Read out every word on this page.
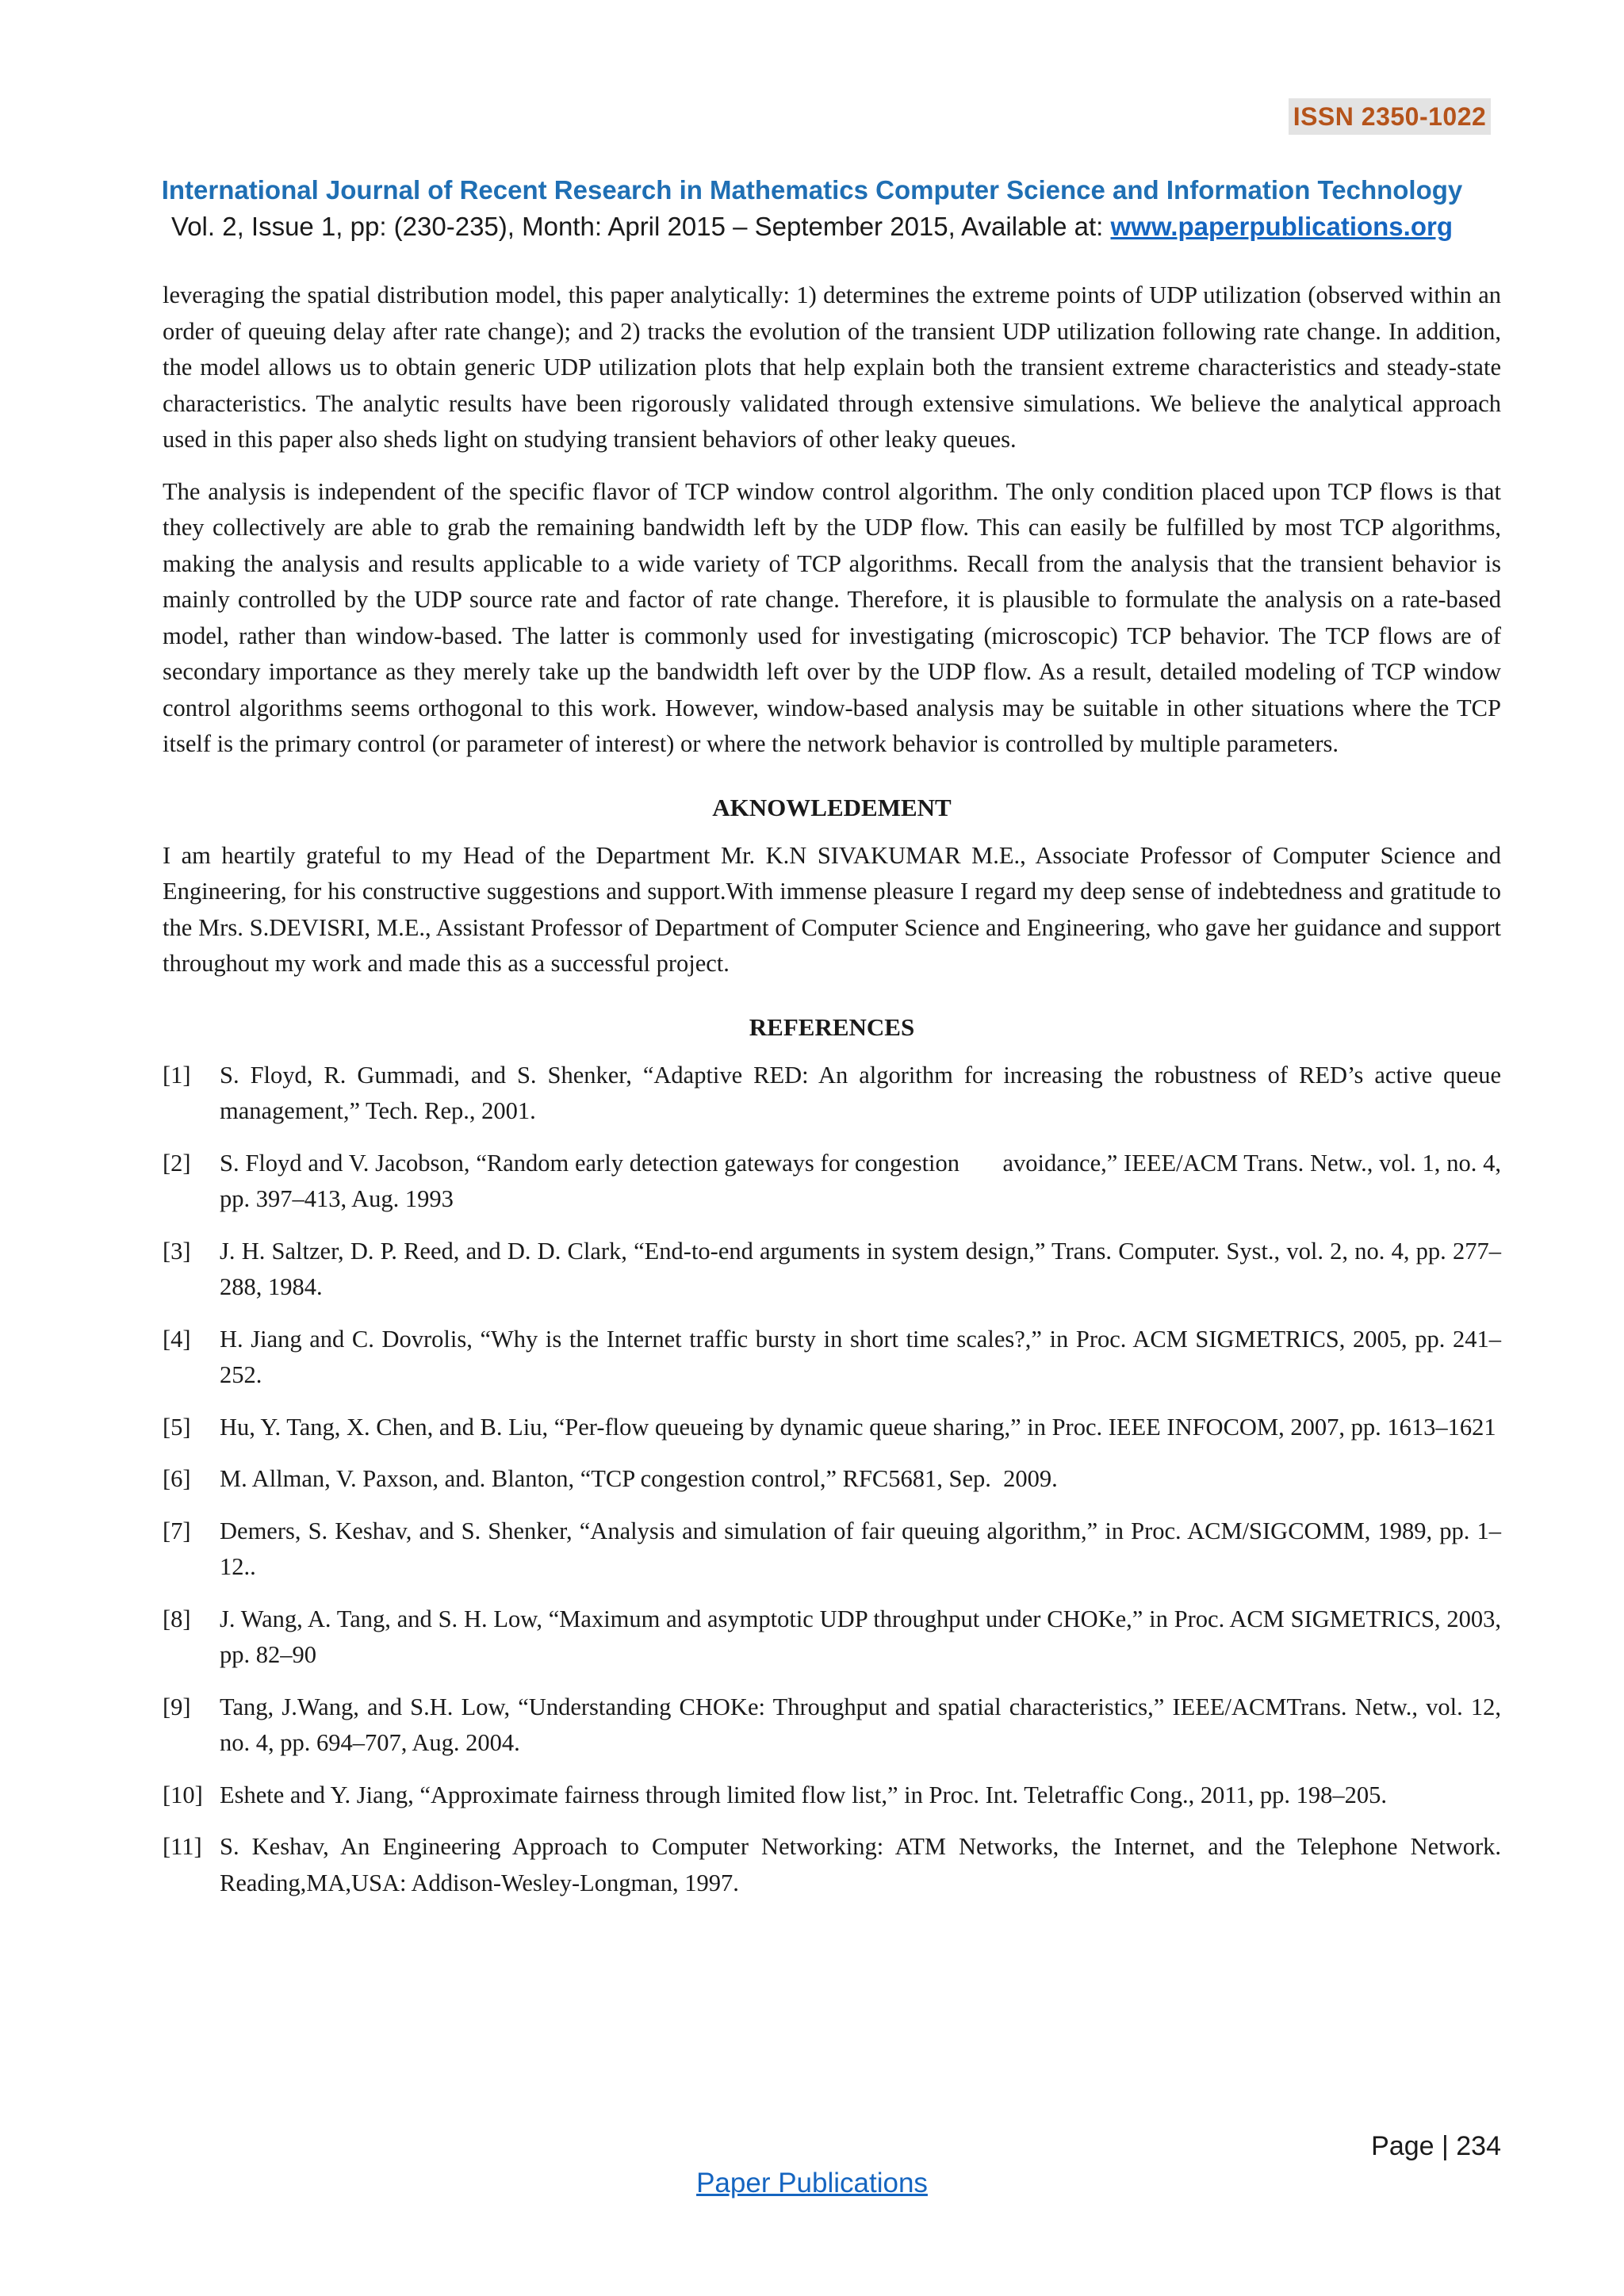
ISSN 2350-1022
International Journal of Recent Research in Mathematics Computer Science and Information Technology
Vol. 2, Issue 1, pp: (230-235), Month: April 2015 – September 2015, Available at: www.paperpublications.org

leveraging the spatial distribution model, this paper analytically: 1) determines the extreme points of UDP utilization (observed within an order of queuing delay after rate change); and 2) tracks the evolution of the transient UDP utilization following rate change. In addition, the model allows us to obtain generic UDP utilization plots that help explain both the transient extreme characteristics and steady-state characteristics. The analytic results have been rigorously validated through extensive simulations. We believe the analytical approach used in this paper also sheds light on studying transient behaviors of other leaky queues.

The analysis is independent of the specific flavor of TCP window control algorithm. The only condition placed upon TCP flows is that they collectively are able to grab the remaining bandwidth left by the UDP flow. This can easily be fulfilled by most TCP algorithms, making the analysis and results applicable to a wide variety of TCP algorithms. Recall from the analysis that the transient behavior is mainly controlled by the UDP source rate and factor of rate change. Therefore, it is plausible to formulate the analysis on a rate-based model, rather than window-based. The latter is commonly used for investigating (microscopic) TCP behavior. The TCP flows are of secondary importance as they merely take up the bandwidth left over by the UDP flow. As a result, detailed modeling of TCP window control algorithms seems orthogonal to this work. However, window-based analysis may be suitable in other situations where the TCP itself is the primary control (or parameter of interest) or where the network behavior is controlled by multiple parameters.

AKNOWLEDEMENT

I am heartily grateful to my Head of the Department Mr. K.N SIVAKUMAR M.E., Associate Professor of Computer Science and Engineering, for his constructive suggestions and support.With immense pleasure I regard my deep sense of indebtedness and gratitude to the Mrs. S.DEVISRI, M.E., Assistant Professor of Department of Computer Science and Engineering, who gave her guidance and support throughout my work and made this as a successful project.

REFERENCES
[1]	S. Floyd, R. Gummadi, and S. Shenker, “Adaptive RED: An algorithm for increasing the robustness of RED’s active queue management,” Tech. Rep., 2001.
[2]	S. Floyd and V. Jacobson, “Random early detection gateways for congestion       avoidance,” IEEE/ACM Trans. Netw., vol. 1, no. 4, pp. 397–413, Aug. 1993
[3]	J. H. Saltzer, D. P. Reed, and D. D. Clark, “End-to-end arguments in system design,” Trans. Computer. Syst., vol. 2, no. 4, pp. 277–288, 1984.
[4]	H. Jiang and C. Dovrolis, “Why is the Internet traffic bursty in short time scales?,” in Proc. ACM SIGMETRICS, 2005, pp. 241–252.
[5]	Hu, Y. Tang, X. Chen, and B. Liu, “Per-flow queueing by dynamic queue sharing,” in Proc. IEEE INFOCOM, 2007, pp. 1613–1621
[6]	M. Allman, V. Paxson, and. Blanton, “TCP congestion control,” RFC5681, Sep.  2009.
[7]	Demers, S. Keshav, and S. Shenker, “Analysis and simulation of fair queuing algorithm,” in Proc. ACM/SIGCOMM, 1989, pp. 1–12..
[8]	J. Wang, A. Tang, and S. H. Low, “Maximum and asymptotic UDP throughput under CHOKe,” in Proc. ACM SIGMETRICS, 2003, pp. 82–90
[9]	Tang, J.Wang, and S.H. Low, “Understanding CHOKe: Throughput and spatial characteristics,” IEEE/ACMTrans. Netw., vol. 12, no. 4, pp. 694–707, Aug. 2004.
[10] Eshete and Y. Jiang, “Approximate fairness through limited flow list,” in Proc. Int. Teletraffic Cong., 2011, pp. 198–205.
[11] S. Keshav, An Engineering Approach to Computer Networking: ATM Networks, the Internet, and the Telephone Network. Reading,MA,USA: Addison-Wesley-Longman, 1997.
Page | 234
Paper Publications
